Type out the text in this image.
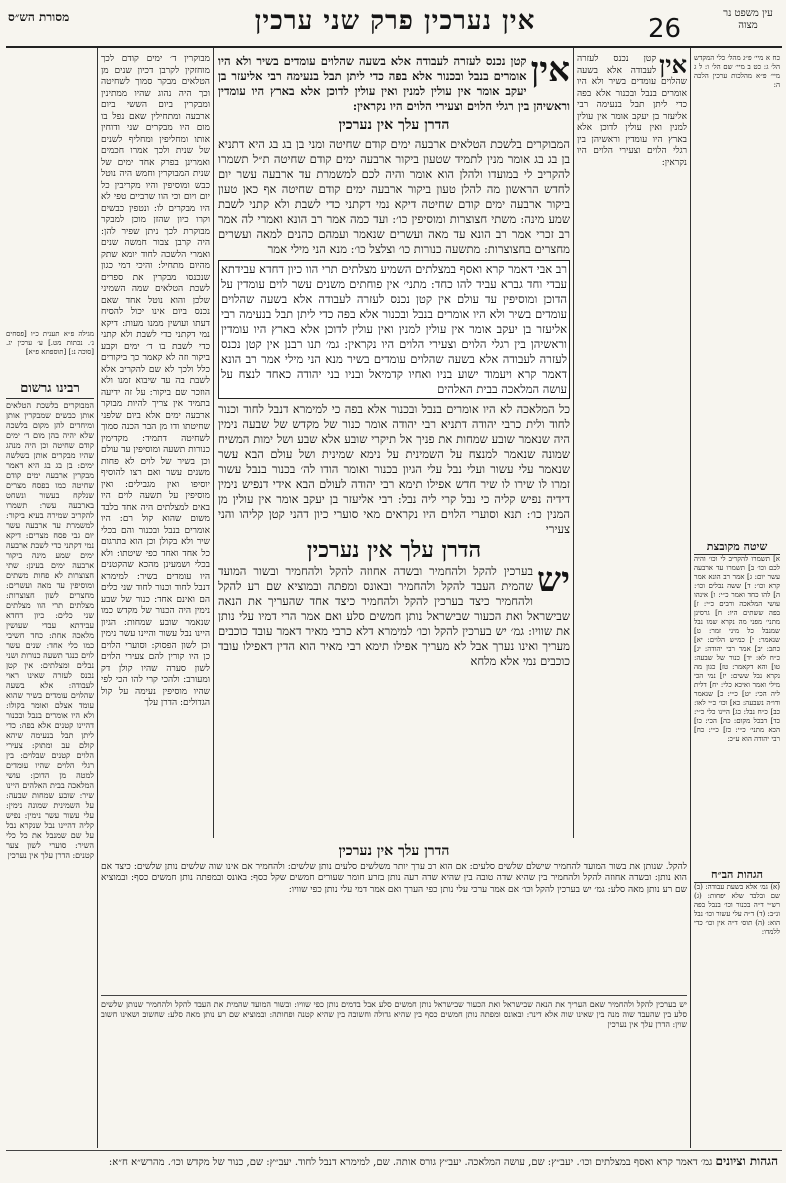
מסורת הש״ס	אין נערכין פרק שני ערכין	26
עין משפט נר מצוה
כח א מיי׳ פ״ג מהל׳ כלי המקדש הל׳ ג: כט ב מיי׳ שם הל׳ ו: ל ג מיי׳ פ״א מהלכות ערכין הלכה ה:
שיטה מקובצת
א] תשמרו להקריב לי וכו׳ והיה לכם וכו׳ ב] תשמרו עד ארבעה עשר יום: ג] אמר רב הונא אמר קרא וכו׳: ד] ששה נבלים וכו׳: ה] להו כחד ואמר כ״י: ו] אינהו עושי המלאכה ורבים כ״י: ז] בפה ששתים היו: ח] גרסינן מתני׳ מפני מה נקרא שמו נבל שמנבל כל מיני זמר: ט] שנאמר: י] כמ״ש הלוים: יא] כתב: יב] אמר רבי יהודה: יג] כ״ח לא: יד] כנור של שבעה: טו] והא דקאמר: טז] כגון מה נקרא נבל ששים: יז] נמי הכי מילי ואמר ואיכא כלי: יח] דלית ליה הכי: יט] כ״י: כ] שנאמר ודו״ה נשבעה: כא] וכו׳ כ״י לאו: כב] כ״ח נבל: כג] היינו כלי כ״י: כד] דבכל מקום: כה] הכי: כו] הכא מתני׳ כ״י: כז] כ״י: כח] רבי יהודה הוא ע״כ:
הגהות הב״ח
(א) גמ׳ אלא בשעת עבודה: (ב) שם ובלבד שלא יפחות: (ג) רש״י ד״ה בכנור וכו׳ בנבל בפה ונ״ב: (ד) ד״ה עלי עשור וכו׳ נבל הוא: (ה) תוס׳ ד״ה אין וכו׳ כדי ללמדו:
מגילה פ״א תענית כ״ו [פסחים נ׳. נכתות מט.] ע׳ ערכין יג. [סוכה נ:] [תוספתא פ״א]
רבינו גרשום
המבוקרים בלשכת הטלאים אותן כבשים שמבקרין אותן ומיחדים להן מקום בלשכה שלא יהיה בהן מום ד׳ ימים קודם שחיטה וכן היה מנהג שהיו מבקרים אותן בשלשה ימים: בן בג בג היא דאמר מבקרין ארבעה ימים קודם שחיטה כמו בפסח מצרים שנלקח בעשור ונשחט בארבעה עשר: תשמרו להקריב שמירה בעיא ביקור: למשמרת עד ארבעה עשר יום גבי פסח מצרים: דיקא נמי דקתני כדי לשבת ארבעה ימים שמע מינה ביקור ארבעה ימים בעינן: שתי חצוצרות לא פחות משתים ומוסיפין עד מאה ועשרים: מחצרים לשון חצוצרות: מצלתים תרי הוו מצלתים שני כלים: כיון דחדא עבידתא עבדי שעושין מלאכה אחת: כחד חשיבי כמו כלי אחד: שנים עשר לוים כנגד תשעה כנורות ושני נבלים ומצלתים: אין קטן נכנס לעזרה שאינו ראוי לעבודה: אלא בשעה שהלוים עומדים בשיר שהוא עומד אצלם ואומר בקולו: ולא היו אומרים בנבל ובכנור דהיינו קטנים אלא בפה: כדי ליתן תבל בנעימה שיהא קולם עב ומתוק: צעירי הלוים קטנים שבלוים: בין רגלי הלוים שהיו עומדים למטה מן הדוכן: עושי המלאכה בבית האלהים היינו שיר: שובע שמחות שבעה: על השמינית שמונה נימין: עלי עשור עשר נימין: נפיש קליה דהיינו נבל שנקרא נבל על שם שמנבל את כל כלי השיר: סוערי לשון צער קטנים: הדרן עלך אין נערכין
מבוקרין ד׳ ימים קודם לכך מוחזקין לקרבן דכיון שנים מן הטלאים מבקר סמוך לשחיטה וכך היה נהוג שהיו ממתינין ומבקרין ביום הששי ביום ארבעה ומתחילין שאם נפל בו מום היו מבקרים שני ודוחין אותו ומחליפין ומחליף לשנים של שנית ולכך אמרו חכמים ואמרינן בפרק אחד ימים של שנית המבוקרין וחמש היה נוטל כבש ומוסיפין והיו מקריבין כל יום ויום וכי הוו שרביים טפי לא היו מבקרים לו: ונטפין כבשים וקרו כיון שהזן מוכן למבקר מבוקרת לכך ניתן שפיר להן: היה קרבן צבור חמשה שנים ואמרי הלשכה לחוד יומא שתק מהיום מתחיל: והיכי דמי כגון שנכנסו מבקרין את ספרים לשכת הטלאים שמה השמיני שלכן והוא נוטל אחד שאם נכנס ביום אינו יכול להסיח דעתו ועושין ממנו מעות: דיקא נמי דקתני כדי לשבת ולא קתני כדי לשבת בו ד׳ ימים וקבע ביקור וזה לא קאמר כך ביקורים כלל ולכך לא שם להקריב אלא לשבת בה עד שיבוא זמנו ולא הוזכר שם ביקור: על זה ידיעה בתמיד אין צריך להיות מבוקר ארבעה ימים אלא ביום שלפני שחיטתו ודו מן הבר הכנה סמוך לשחיטה דתמיד: מקדימין כנורות תשעה ומוסיפין עד עולם וכן בשיר של לוים לא פחות משנים עשר ואם רצו להוסיף יוסיפו ואין מגבילים: ואין מוסיפין על תשעה לוים היו באים למצלתים היה אחד בלבד משום שהוא קול רם: היו אומרים בנבל ובכנור והם בכלי שיר ולא בקולן וכן הוא בתרגום כל אחד ואחד כפי שיטתו: ולא בכלי ושמעינן מהכא שהקטנים היו עומדים בשיר: למימרא דנבל לחוד וכנור לחוד שני כלים הם ואינם אחד: כנור של שבע נימין היה הכנור של מקדש כמו שנאמר שובע שמחות: הגיון היינו נבל עשור והיינו עשר נימין וכן לשון הפסוק: וסוערי הלוים כן היו קורין להם צעירי הלוים לשון סערה שהיו קולן דק ומעורב: ולהכי קרי להו הכי לפי שהיו מוסיפין נעימה על קול הגדולים: הדרן עלך
אין
קטן נכנס לעזרה לעבודה אלא בשעה שהלוים עומדים בשיר ולא היו אומרים בנבל ובכנור אלא בפה כדי ליתן תבל בנעימה רבי אליעזר בן יעקב אומר אין עולין למנין ואין עולין לדוכן אלא בארץ היו עומדין וראשיהן בין רגלי הלוים וצעירי הלוים היו נקראין:
אין
קטן נכנס לעזרה לעבודה אלא בשעה שהלוים עומדים בשיר ולא היו אומרים בנבל ובכנור אלא בפה כדי ליתן תבל בנעימה רבי אליעזר בן יעקב אומר אין עולין למנין ואין עולין לדוכן אלא בארץ היו עומדין וראשיהן בין רגלי הלוים וצעירי הלוים היו נקראין:
הדרן עלך אין נערכין
המבוקרים בלשכת הטלאים ארבעה ימים קודם שחיטה ומני בן בג בג היא דתניא בן בג בג אומר מנין לתמיד שטעון ביקור ארבעה ימים קודם שחיטה ת״ל תשמרו להקריב לי במועדו ולהלן הוא אומר והיה לכם למשמרת עד ארבעה עשר יום לחדש הראשון מה להלן טעון ביקור ארבעה ימים קודם שחיטה אף כאן טעון ביקור ארבעה ימים קודם שחיטה דיקא נמי דקתני כדי לשבת ולא קתני לשבת שמע מינה: משתי חצוצרות ומוסיפין כו׳: ועד כמה אמר רב הונא ואמרי לה אמר רב זכרי אמר רב הונא עד מאה ועשרים שנאמר ועמהם כהנים למאה ועשרים מחצרים בחצוצרות: מתשעה כנורות כו׳ וצלצל כו׳: מנא הני מילי אמר
רב אבי דאמר קרא ואסף במצלתים השמיע מצלתים תרי הוו כיון דחדא עבידתא עבדי וחד גברא עביד להו כחד: מתני׳ אין פוחתים משנים עשר לוים עומדין על הדוכן ומוסיפין עד עולם אין קטן נכנס לעזרה לעבודה אלא בשעה שהלוים עומדים בשיר ולא היו אומרים בנבל ובכנור אלא בפה כדי ליתן תבל בנעימה רבי אליעזר בן יעקב אומר אין עולין למנין ואין עולין לדוכן אלא בארץ היו עומדין וראשיהן בין רגלי הלוים וצעירי הלוים היו נקראין: גמ׳ תנו רבנן אין קטן נכנס לעזרה לעבודה אלא בשעה שהלוים עומדים בשיר מנא הני מילי אמר רב הונא דאמר קרא ויעמוד ישוע בניו ואחיו קדמיאל ובניו בני יהודה כאחד לנצח על עושה המלאכה בבית האלהים
כל המלאכה לא היו אומרים בנבל ובכנור אלא בפה כי למימרא דנבל לחוד וכנור לחוד ולית כרבי יהודה דתניא רבי יהודה אומר כנור של מקדש של שבעה נימין היה שנאמר שובע שמחות את פניך אל תיקרי שובע אלא שבע ושל ימות המשיח שמונה שנאמר למנצח על השמינית על נימא שמינית ושל עולם הבא עשר שנאמר עלי עשור ועלי נבל עלי הגיון בכנור ואומר הודו לה׳ בכנור בנבל עשור זמרו לו שירו לו שיר חדש אפילו תימא רבי יהודה לעולם הבא אידי דנפיש נימין דידיה נפיש קליה כי נבל קרי ליה נבל: רבי אליעזר בן יעקב אומר אין עולין מן המנין כו׳: תנא וסוערי הלוים היו נקראים מאי סוערי כיון דהני קטן קליהו והני צעירי
הדרן עלך אין נערכין
יש
בערכין להקל ולהחמיר ובשדה אחוזה להקל ולהחמיר ובשור המועד שהמית העבד להקל ולהחמיר ובאונס ומפתה ובמוציא שם רע להקל ולהחמיר כיצד בערכין להקל ולהחמיר כיצד אחד שהעריך את הנאה שבישראל ואת הכעור שבישראל נותן חמשים סלע ואם אמר הרי דמיו עלי נותן את שוויו: גמ׳ יש בערכין להקל וכו׳ למימרא דלא כרבי מאיר דאמר עובד כוכבים מעריך ואינו נערך אבל לא מעריך אפילו תימא רבי מאיר הוא הדין דאפילו עובד כוכבים נמי אלא מלחא
הדרן עלך אין נערכין
להקל. שנותן את בשור המועד להחמיר שישלם שלשים סלעים: אם הוא רב ערך יותר משלשים סלעים נותן שלשים: ולהחמיר אם אינו שוה שלשים נותן שלשים: כיצד אם הוא נותן: ובשדה אחוזה להקל ולהחמיר בין שהיא שדה טובה בין שהיא שדה רעה נותן בזרע חומר שעורים חמשים שקל כסף: באונס ובמפתה נותן חמשים כסף: ובמוציא שם רע נותן מאה סלע: גמ׳ יש בערכין להקל וכו׳ אם אמר ערכי עלי נותן כפי הערך ואם אמר דמי עלי נותן כפי שוויו:
יש בערכין להקל ולהחמיר שאם העריך את הנאה שבישראל ואת הכעור שבישראל נותן חמשים סלע אבל בדמים נותן כפי שוויו: ובשור המועד שהמית את העבד להקל ולהחמיר שנותן שלשים סלע בין שהעבד שוה מנה בין שאינו שוה אלא דינר: ובאונס ומפתה נותן חמשים כסף בין שהיא גדולה וחשובה בין שהיא קטנה ופחותה: ובמוציא שם רע נותן מאה סלע: שחשוב ושאינו חשוב שוין: הדרן עלך אין נערכין
הגהות וציונים גמ׳ דאמר קרא ואסף במצלתים וכו׳. יעב״ץ: שם, עושה המלאכה. יעב״ץ גורס אותה. שם, למימרא דנבל לחוד. יעב״ץ: שם, כנור של מקדש וכו׳. מהרש״א ח״א:
